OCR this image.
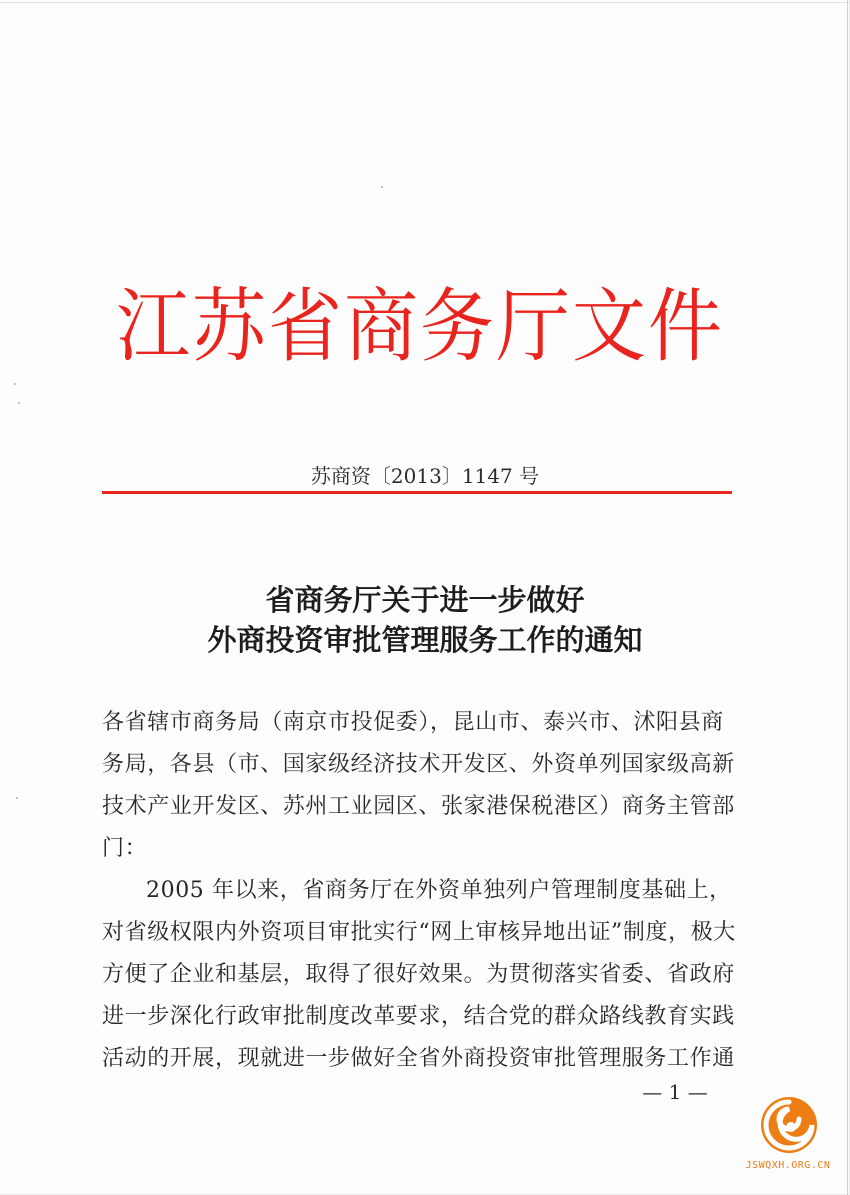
江苏省商务厅文件
苏商资〔2013〕1147 号
省商务厅关于进一步做好
外商投资审批管理服务工作的通知
各省辖市商务局（南京市投促委），昆山市、泰兴市、沭阳县商
务局，各县（市、国家级经济技术开发区、外资单列国家级高新
技术产业开发区、苏州工业园区、张家港保税港区）商务主管部
门：
2005 年以来，省商务厅在外资单独列户管理制度基础上，
对省级权限内外资项目审批实行“网上审核异地出证”制度，极大
方便了企业和基层，取得了很好效果。为贯彻落实省委、省政府
进一步深化行政审批制度改革要求，结合党的群众路线教育实践
活动的开展，现就进一步做好全省外商投资审批管理服务工作通
— 1 —
JSWQXH.ORG.CN
